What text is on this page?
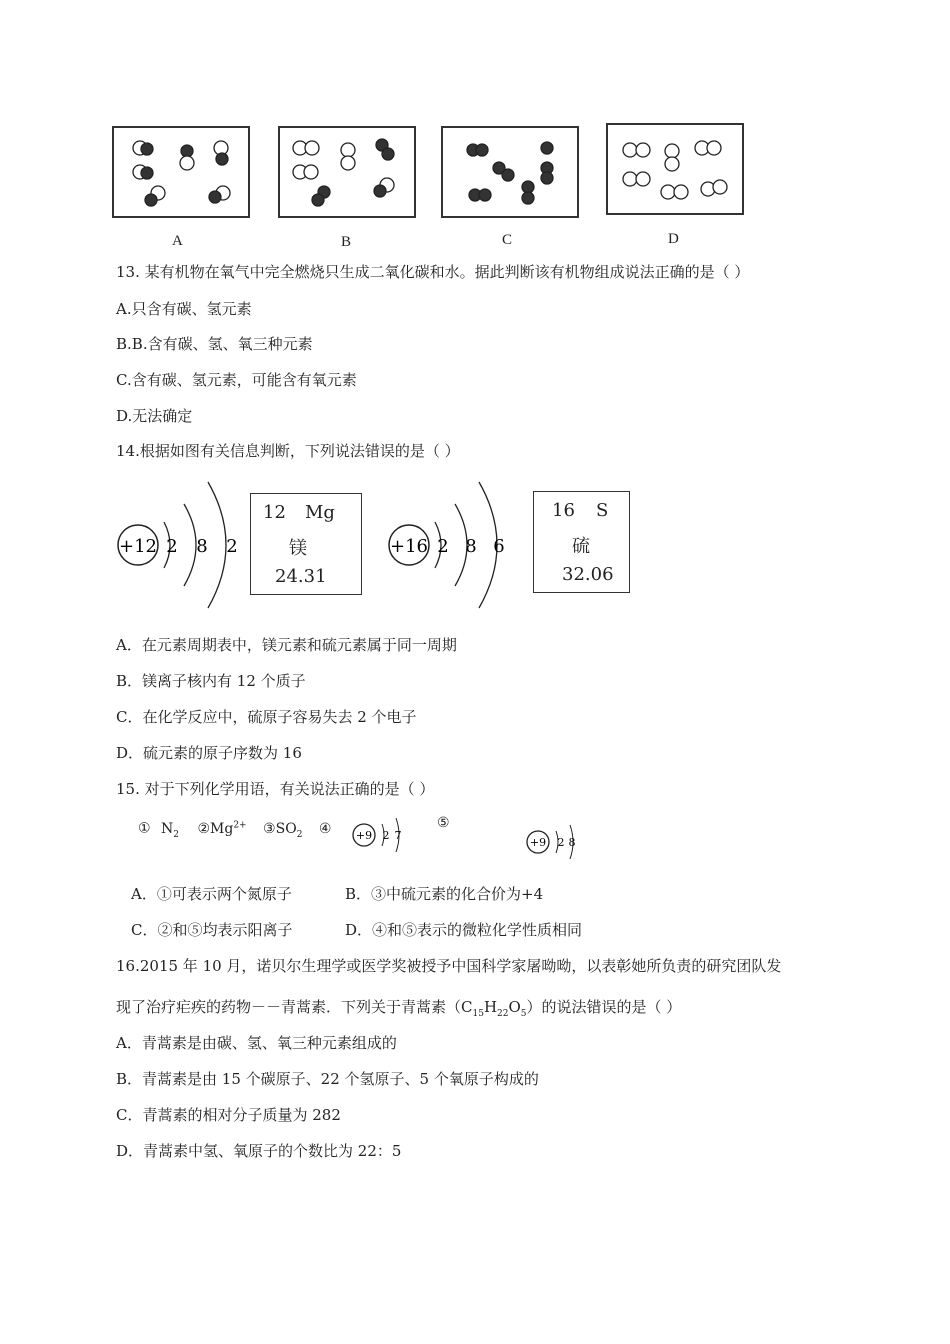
A	B	C	D
13. 某有机物在氧气中完全燃烧只生成二氧化碳和水。据此判断该有机物组成说法正确的是（ ）
A.只含有碳、氢元素
B.B.含有碳、氢、氧三种元素
C.含有碳、氢元素，可能含有氧元素
D.无法确定
14.根据如图有关信息判断，下列说法错误的是（ ）
+12 2 8 2
12 Mg
镁
24.31
+16 2 8 6
16 S
硫
32.06
A．在元素周期表中，镁元素和硫元素属于同一周期
B．镁离子核内有 12 个质子
C．在化学反应中，硫原子容易失去 2 个电子
D．硫元素的原子序数为 16
15. 对于下列化学用语，有关说法正确的是（ ）
① $N_2$ $②Mg^{2+}$ $③SO_2$ ④	⑤
+9 2 7
+9 2 8
A．①可表示两个氮原子	B．③中硫元素的化合价为+4
C．②和⑤均表示阳离子	D．④和⑤表示的微粒化学性质相同
16.2015 年 10 月，诺贝尔生理学或医学奖被授予中国科学家屠呦呦，以表彰她所负责的研究团队发
现了治疗疟疾的药物－－青蒿素．下列关于青蒿素$(C_{15}H_{22}O_5)$的说法错误的是（ ）
A．青蒿素是由碳、氢、氧三种元素组成的
B．青蒿素是由 15 个碳原子、22 个氢原子、5 个氧原子构成的
C．青蒿素的相对分子质量为 282
D．青蒿素中氢、氧原子的个数比为 22：5
